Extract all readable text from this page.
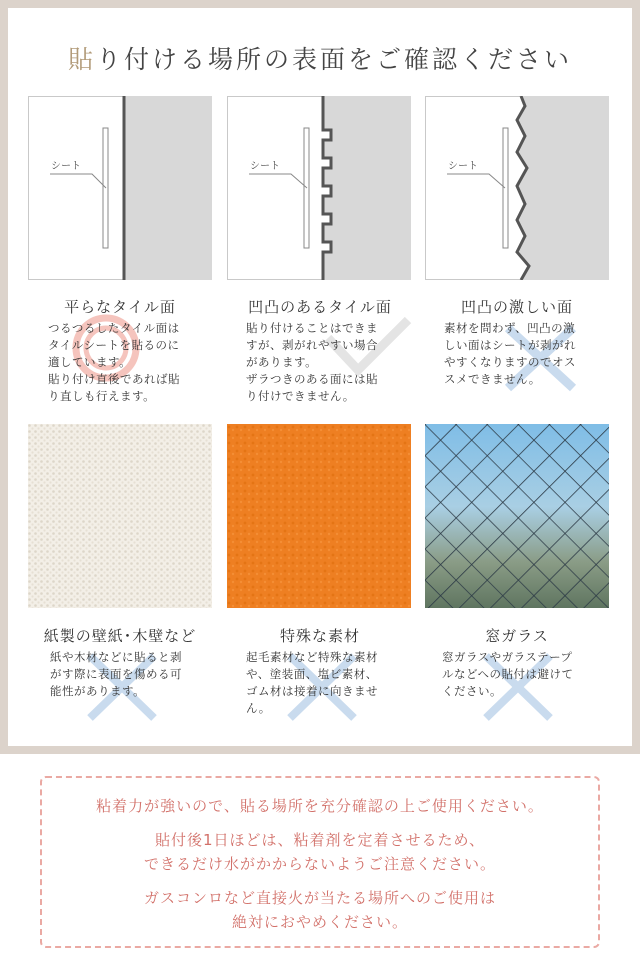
貼り付ける場所の表面をご確認ください
シート	シート	シート
平らなタイル面
つるつるしたタイル面は
タイルシートを貼るのに
適しています。
貼り付け直後であれば貼
り直しも行えます。
凹凸のあるタイル面
貼り付けることはできま
すが、剥がれやすい場合
があります。
ザラつきのある面には貼
り付けできません。
凹凸の激しい面
素材を問わず、凹凸の激
しい面はシートが剥がれ
やすくなりますのでオス
スメできません。
紙製の壁紙･木壁など
紙や木材などに貼ると剥
がす際に表面を傷める可
能性があります。
特殊な素材
起毛素材など特殊な素材
や、塗装面、塩ビ素材、
ゴム材は接着に向きませ
ん。
窓ガラス
窓ガラスやガラステープ
ルなどへの貼付は避けて
ください。
粘着力が強いので、貼る場所を充分確認の上ご使用ください。
貼付後1日ほどは、粘着剤を定着させるため、
できるだけ水がかからないようご注意ください。
ガスコンロなど直接火が当たる場所へのご使用は
絶対におやめください。
